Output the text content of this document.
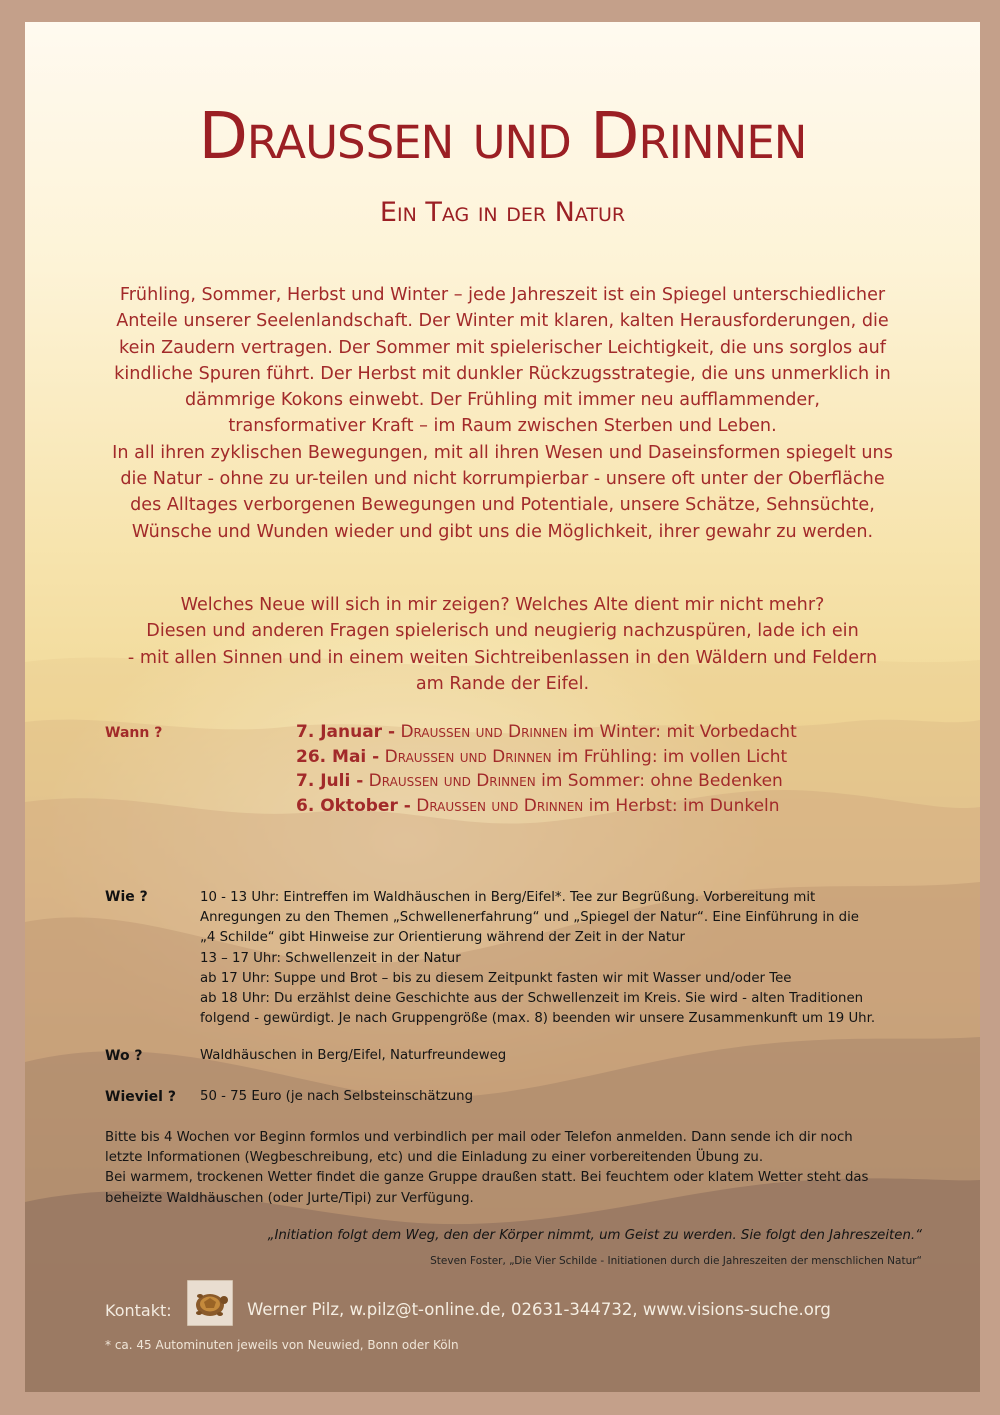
Draußen und Drinnen
Ein Tag in der Natur

Frühling, Sommer, Herbst und Winter – jede Jahreszeit ist ein Spiegel unterschiedlicher
Anteile unserer Seelenlandschaft. Der Winter mit klaren, kalten Herausforderungen, die
kein Zaudern vertragen. Der Sommer mit spielerischer Leichtigkeit, die uns sorglos auf
kindliche Spuren führt. Der Herbst mit dunkler Rückzugsstrategie, die uns unmerklich in
dämmrige Kokons einwebt. Der Frühling mit immer neu aufflammender,
transformativer Kraft – im Raum zwischen Sterben und Leben.
In all ihren zyklischen Bewegungen, mit all ihren Wesen und Daseinsformen spiegelt uns
die Natur - ohne zu ur-teilen und nicht korrumpierbar - unsere oft unter der Oberfläche
des Alltages verborgenen Bewegungen und Potentiale, unsere Schätze, Sehnsüchte,
Wünsche und Wunden wieder und gibt uns die Möglichkeit, ihrer gewahr zu werden.

Welches Neue will sich in mir zeigen? Welches Alte dient mir nicht mehr?
Diesen und anderen Fragen spielerisch und neugierig nachzuspüren, lade ich ein
- mit allen Sinnen und in einem weiten Sichtreibenlassen in den Wäldern und Feldern
am Rande der Eifel.

Wann ?	7. Januar - Draußen und Drinnen im Winter: mit Vorbedacht
26. Mai - Draußen und Drinnen im Frühling: im vollen Licht
7. Juli - Draußen und Drinnen im Sommer: ohne Bedenken
6. Oktober - Draußen und Drinnen im Herbst: im Dunkeln
Wie ?	10 - 13 Uhr: Eintreffen im Waldhäuschen in Berg/Eifel*. Tee zur Begrüßung. Vorbereitung mit
Anregungen zu den Themen „Schwellenerfahrung“ und „Spiegel der Natur“. Eine Einführung in die
„4 Schilde“ gibt Hinweise zur Orientierung während der Zeit in der Natur
13 – 17 Uhr: Schwellenzeit in der Natur
ab 17 Uhr: Suppe und Brot – bis zu diesem Zeitpunkt fasten wir mit Wasser und/oder Tee
ab 18 Uhr: Du erzählst deine Geschichte aus der Schwellenzeit im Kreis. Sie wird - alten Traditionen
folgend - gewürdigt. Je nach Gruppengröße (max. 8) beenden wir unsere Zusammenkunft um 19 Uhr.
Wo ?	Waldhäuschen in Berg/Eifel, Naturfreundeweg
Wieviel ? 50 - 75 Euro (je nach Selbsteinschätzung
Bitte bis 4 Wochen vor Beginn formlos und verbindlich per mail oder Telefon anmelden. Dann sende ich dir noch
letzte Informationen (Wegbeschreibung, etc) und die Einladung zu einer vorbereitenden Übung zu.
Bei warmem, trockenen Wetter findet die ganze Gruppe draußen statt. Bei feuchtem oder klatem Wetter steht das
beheizte Waldhäuschen (oder Jurte/Tipi) zur Verfügung.
„Initiation folgt dem Weg, den der Körper nimmt, um Geist zu werden. Sie folgt den Jahreszeiten.“
Steven Foster, „Die Vier Schilde - Initiationen durch die Jahreszeiten der menschlichen Natur“
Kontakt:	Werner Pilz, w.pilz@t-online.de, 02631-344732, www.visions-suche.org
* ca. 45 Autominuten jeweils von Neuwied, Bonn oder Köln
